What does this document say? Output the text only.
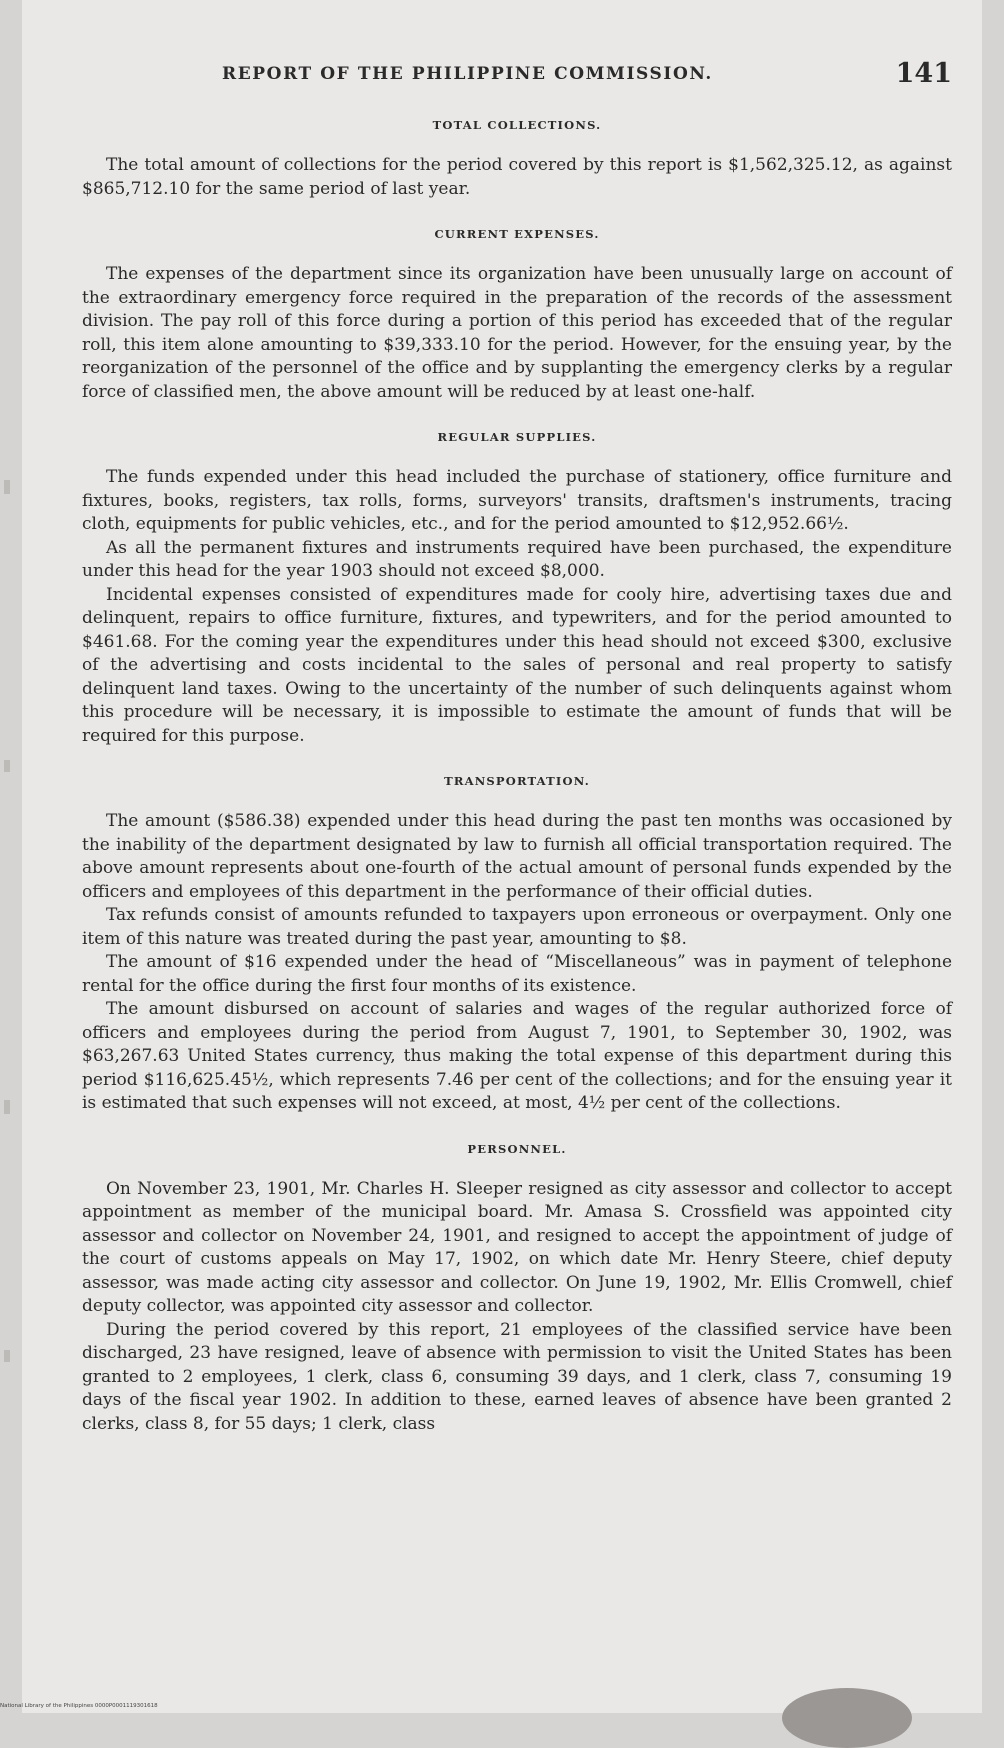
REPORT OF THE PHILIPPINE COMMISSION.	141
TOTAL COLLECTIONS.

The total amount of collections for the period covered by this report is $1,562,325.12, as against $865,712.10 for the same period of last year.

CURRENT EXPENSES.

The expenses of the department since its organization have been unusually large on account of the extraordinary emergency force required in the preparation of the records of the assessment division. The pay roll of this force during a portion of this period has exceeded that of the regular roll, this item alone amounting to $39,333.10 for the period. However, for the ensuing year, by the reorganization of the personnel of the office and by supplanting the emergency clerks by a regular force of classified men, the above amount will be reduced by at least one-half.

REGULAR SUPPLIES.

The funds expended under this head included the purchase of stationery, office furniture and fixtures, books, registers, tax rolls, forms, surveyors' transits, draftsmen's instruments, tracing cloth, equipments for public vehicles, etc., and for the period amounted to $12,952.66½.

As all the permanent fixtures and instruments required have been purchased, the expenditure under this head for the year 1903 should not exceed $8,000.

Incidental expenses consisted of expenditures made for cooly hire, advertising taxes due and delinquent, repairs to office furniture, fixtures, and typewriters, and for the period amounted to $461.68. For the coming year the expenditures under this head should not exceed $300, exclusive of the advertising and costs incidental to the sales of personal and real property to satisfy delinquent land taxes. Owing to the uncertainty of the number of such delinquents against whom this procedure will be necessary, it is impossible to estimate the amount of funds that will be required for this purpose.

TRANSPORTATION.

The amount ($586.38) expended under this head during the past ten months was occasioned by the inability of the department designated by law to furnish all official transportation required. The above amount represents about one-fourth of the actual amount of personal funds expended by the officers and employees of this department in the performance of their official duties.

Tax refunds consist of amounts refunded to taxpayers upon erroneous or overpayment. Only one item of this nature was treated during the past year, amounting to $8.

The amount of $16 expended under the head of “Miscellaneous” was in payment of telephone rental for the office during the first four months of its existence.

The amount disbursed on account of salaries and wages of the regular authorized force of officers and employees during the period from August 7, 1901, to September 30, 1902, was $63,267.63 United States currency, thus making the total expense of this department during this period $116,625.45½, which represents 7.46 per cent of the collections; and for the ensuing year it is estimated that such expenses will not exceed, at most, 4½ per cent of the collections.

PERSONNEL.

On November 23, 1901, Mr. Charles H. Sleeper resigned as city assessor and collector to accept appointment as member of the municipal board. Mr. Amasa S. Crossfield was appointed city assessor and collector on November 24, 1901, and resigned to accept the appointment of judge of the court of customs appeals on May 17, 1902, on which date Mr. Henry Steere, chief deputy assessor, was made acting city assessor and collector. On June 19, 1902, Mr. Ellis Cromwell, chief deputy collector, was appointed city assessor and collector.

During the period covered by this report, 21 employees of the classified service have been discharged, 23 have resigned, leave of absence with permission to visit the United States has been granted to 2 employees, 1 clerk, class 6, consuming 39 days, and 1 clerk, class 7, consuming 19 days of the fiscal year 1902. In addition to these, earned leaves of absence have been granted 2 clerks, class 8, for 55 days; 1 clerk, class

National Library of the Philippines 0000P0001119301618
